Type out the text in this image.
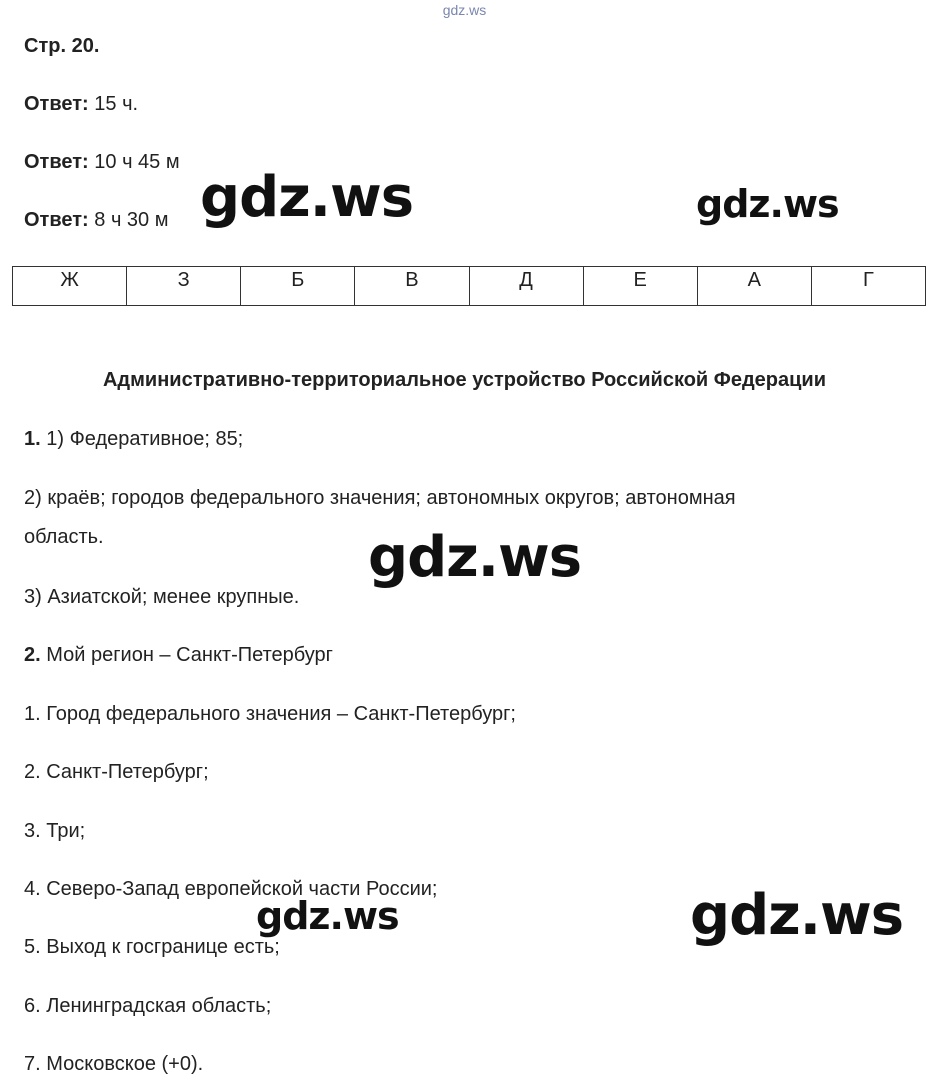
gdz.ws
Стр. 20.
Ответ: 15 ч.
Ответ: 10 ч 45 м
Ответ: 8 ч 30 м
Ж	З	Б	В	Д	Е	А	Г
Административно-территориальное устройство Российской Федерации
1. 1) Федеративное; 85;
2) краёв; городов федерального значения; автономных округов; автономная
область.
3) Азиатской; менее крупные.
2. Мой регион – Санкт-Петербург
1. Город федерального значения – Санкт-Петербург;
2. Санкт-Петербург;
3. Три;
4. Северо-Запад европейской части России;
5. Выход к госгранице есть;
6. Ленинградская область;
7. Московское (+0).
gdz.ws	gdz.ws
gdz.ws
gdz.ws	gdz.ws
